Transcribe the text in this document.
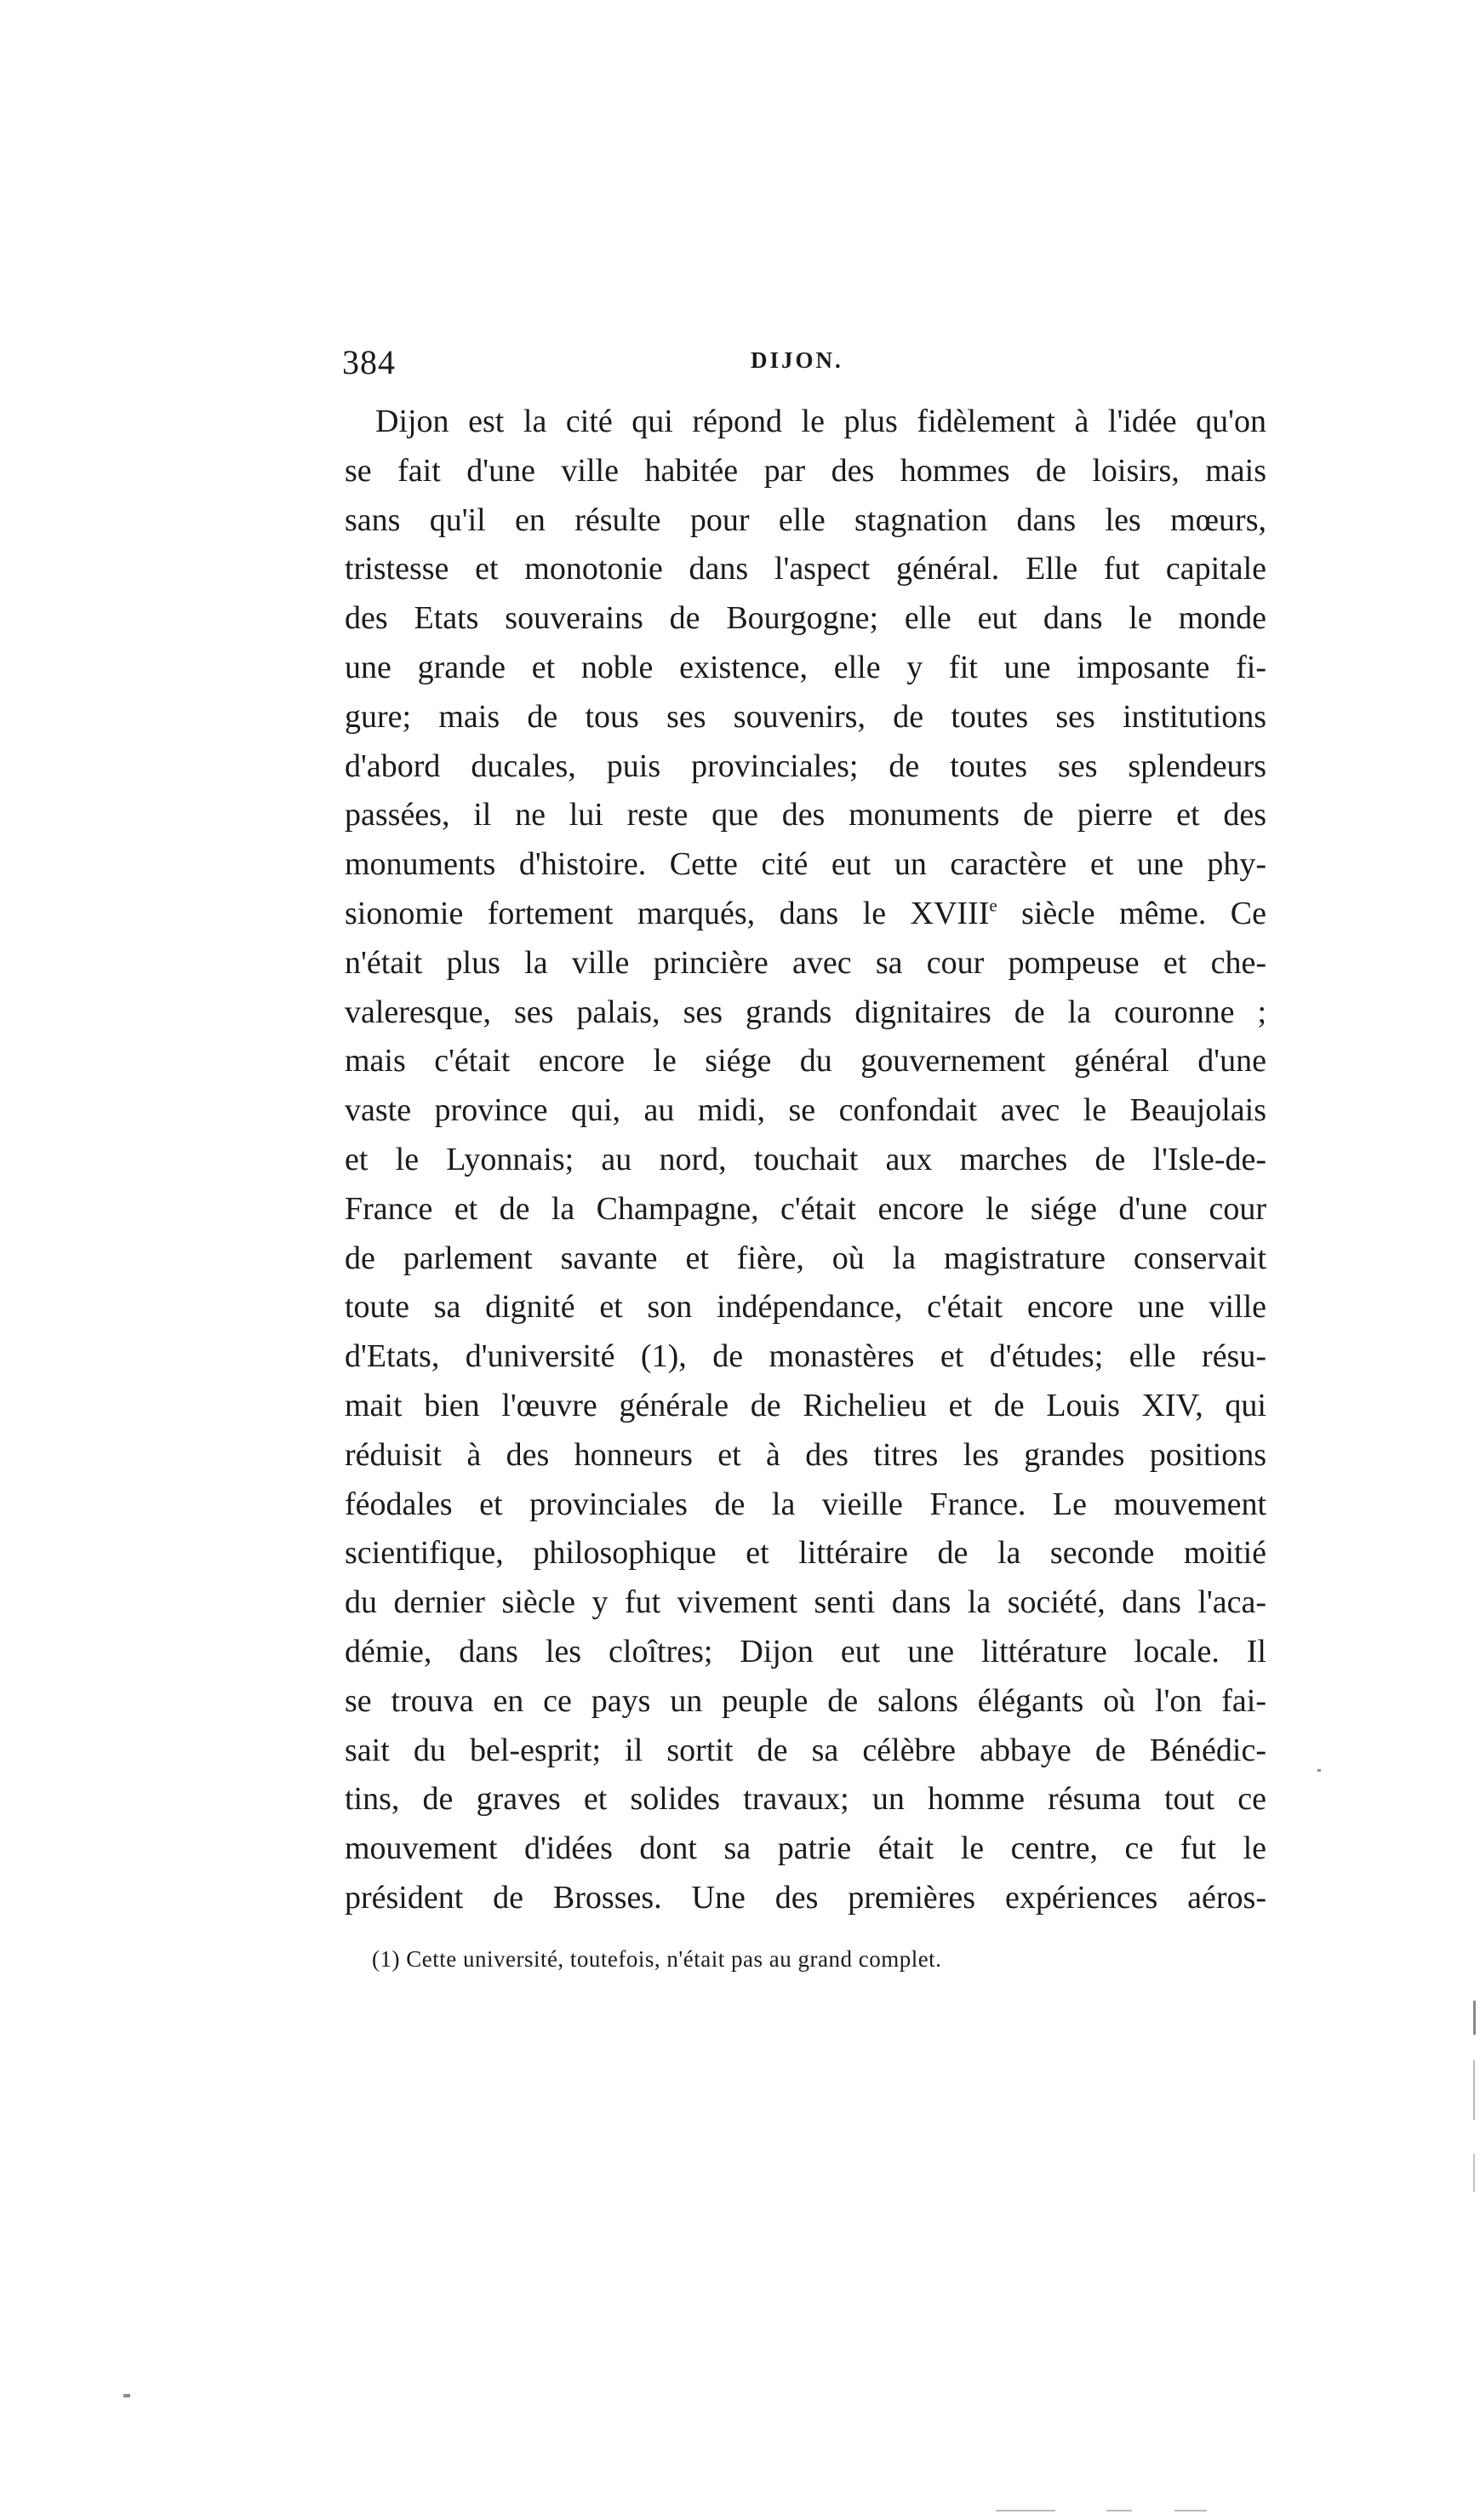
384	DIJON.
Dijon est la cité qui répond le plus fidèlement à l'idée qu'on
se fait d'une ville habitée par des hommes de loisirs, mais
sans qu'il en résulte pour elle stagnation dans les mœurs,
tristesse et monotonie dans l'aspect général. Elle fut capitale
des Etats souverains de Bourgogne; elle eut dans le monde
une grande et noble existence, elle y fit une imposante fi-
gure; mais de tous ses souvenirs, de toutes ses institutions
d'abord ducales, puis provinciales; de toutes ses splendeurs
passées, il ne lui reste que des monuments de pierre et des
monuments d'histoire. Cette cité eut un caractère et une phy-
sionomie fortement marqués, dans le XVIIIe siècle même. Ce
n'était plus la ville princière avec sa cour pompeuse et che-
valeresque, ses palais, ses grands dignitaires de la couronne ;
mais c'était encore le siége du gouvernement général d'une
vaste province qui, au midi, se confondait avec le Beaujolais
et le Lyonnais; au nord, touchait aux marches de l'Isle-de-
France et de la Champagne, c'était encore le siége d'une cour
de parlement savante et fière, où la magistrature conservait
toute sa dignité et son indépendance, c'était encore une ville
d'Etats, d'université (1), de monastères et d'études; elle résu-
mait bien l'œuvre générale de Richelieu et de Louis XIV, qui
réduisit à des honneurs et à des titres les grandes positions
féodales et provinciales de la vieille France. Le mouvement
scientifique, philosophique et littéraire de la seconde moitié
du dernier siècle y fut vivement senti dans la société, dans l'aca-
démie, dans les cloîtres; Dijon eut une littérature locale. Il
se trouva en ce pays un peuple de salons élégants où l'on fai-
sait du bel-esprit; il sortit de sa célèbre abbaye de Bénédic-
tins, de graves et solides travaux; un homme résuma tout ce
mouvement d'idées dont sa patrie était le centre, ce fut le
président de Brosses. Une des premières expériences aéros-
(1) Cette université, toutefois, n'était pas au grand complet.
